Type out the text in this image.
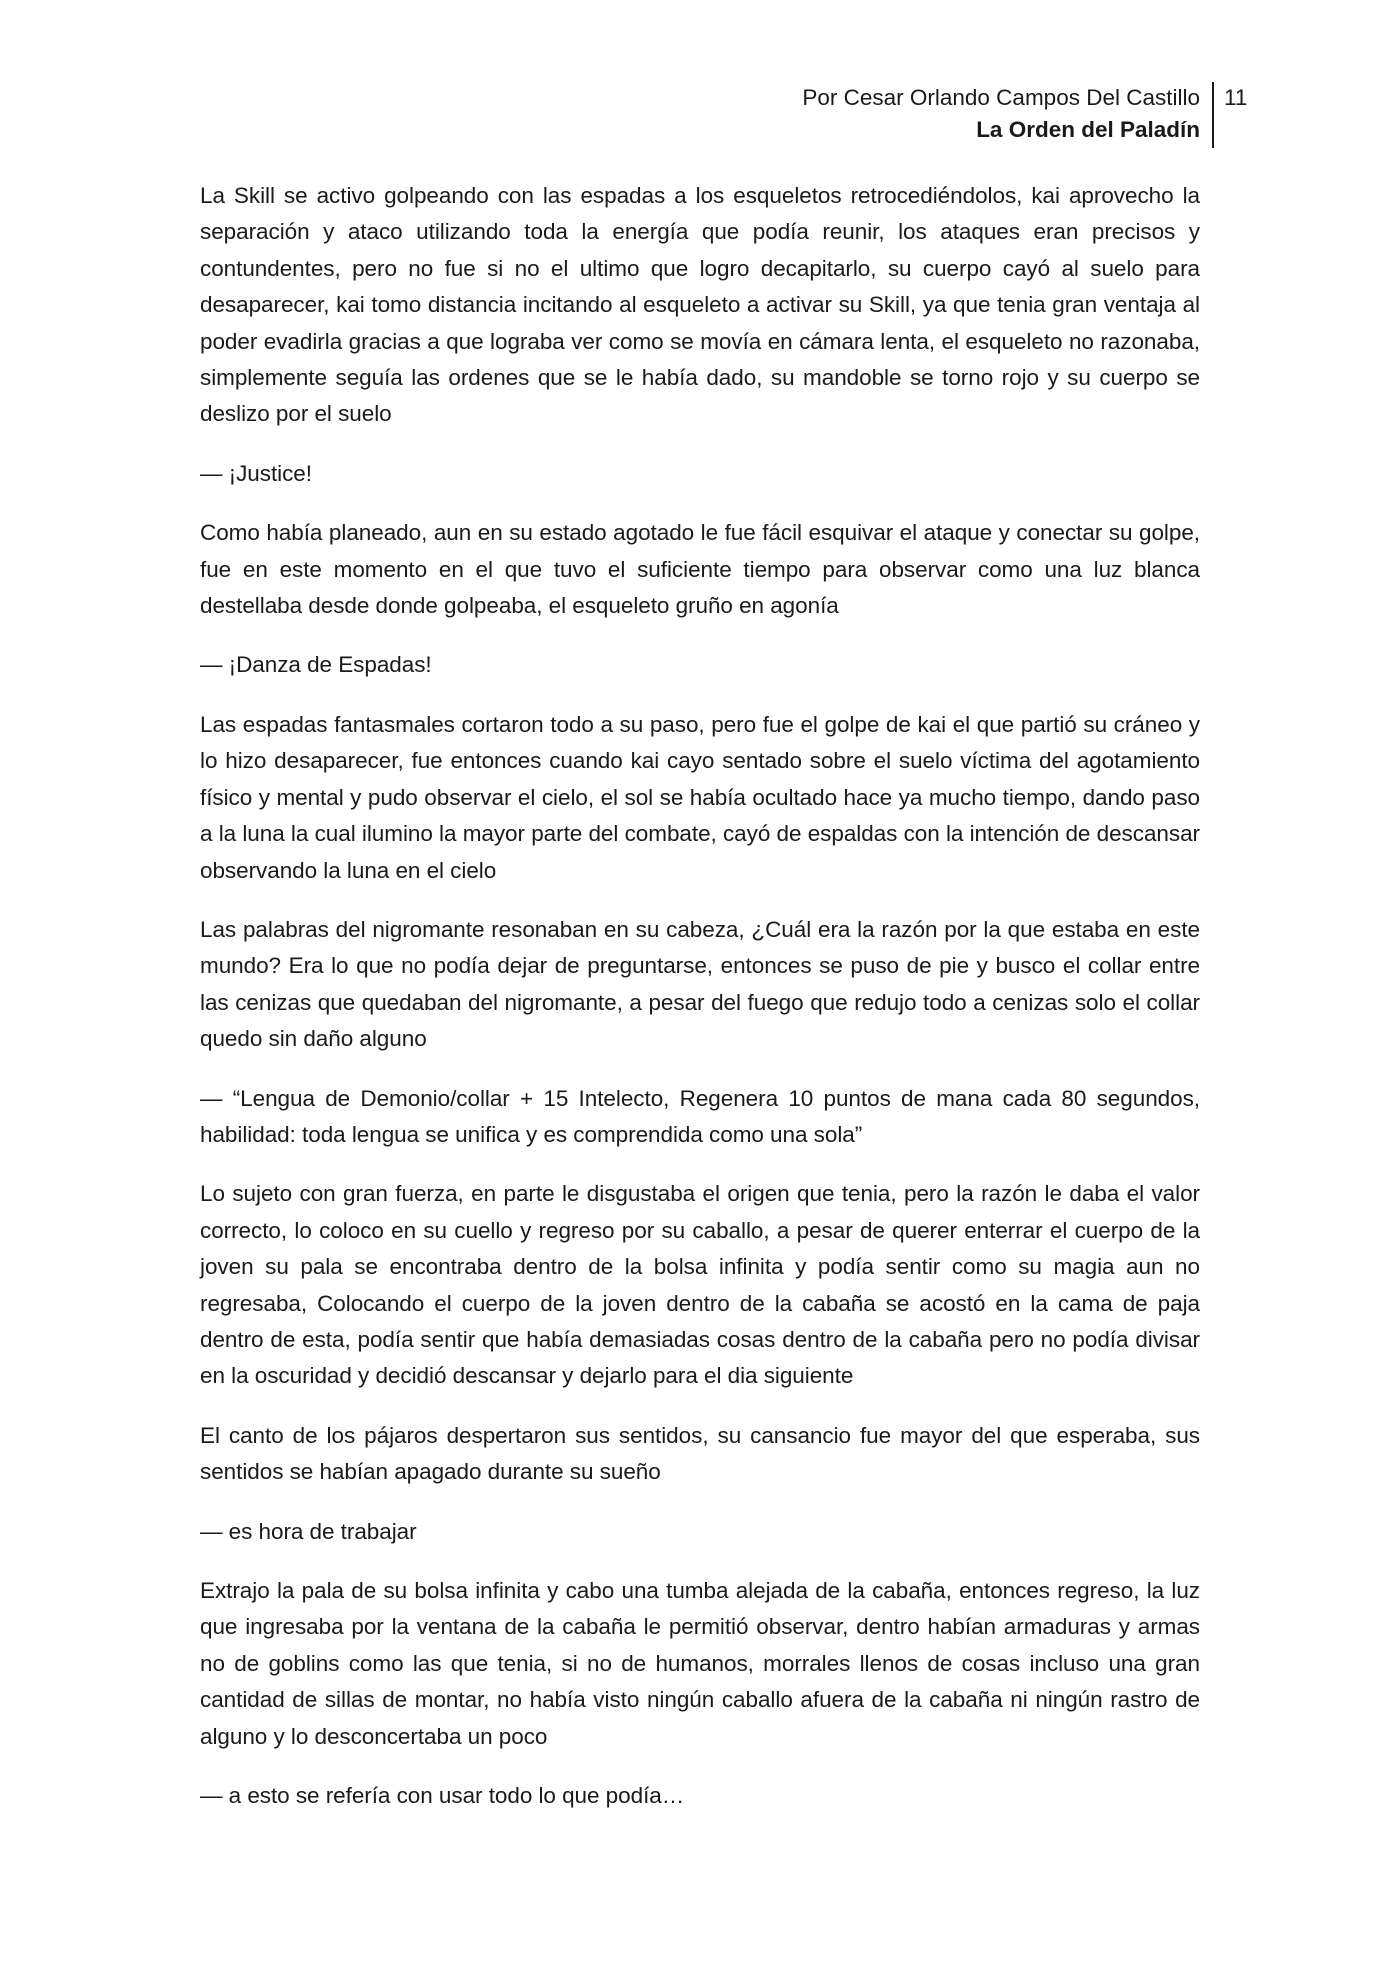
Por Cesar Orlando Campos Del Castillo
La Orden del Paladín
11

La Skill se activo golpeando con las espadas a los esqueletos retrocediéndolos, kai aprovecho la separación y ataco utilizando toda la energía que podía reunir, los ataques eran precisos y contundentes, pero no fue si no el ultimo que logro decapitarlo, su cuerpo cayó al suelo para desaparecer, kai tomo distancia incitando al esqueleto a activar su Skill, ya que tenia gran ventaja al poder evadirla gracias a que lograba ver como se movía en cámara lenta, el esqueleto no razonaba, simplemente seguía las ordenes que se le había dado, su mandoble se torno rojo y su cuerpo se deslizo por el suelo

— ¡Justice!

Como había planeado, aun en su estado agotado le fue fácil esquivar el ataque y conectar su golpe, fue en este momento en el que tuvo el suficiente tiempo para observar como una luz blanca destellaba desde donde golpeaba, el esqueleto gruño en agonía

— ¡Danza de Espadas!

Las espadas fantasmales cortaron todo a su paso, pero fue el golpe de kai el que partió su cráneo y lo hizo desaparecer, fue entonces cuando kai cayo sentado sobre el suelo víctima del agotamiento físico y mental y pudo observar el cielo, el sol se había ocultado hace ya mucho tiempo, dando paso a la luna la cual ilumino la mayor parte del combate, cayó de espaldas con la intención de descansar observando la luna en el cielo

Las palabras del nigromante resonaban en su cabeza, ¿Cuál era la razón por la que estaba en este mundo? Era lo que no podía dejar de preguntarse, entonces se puso de pie y busco el collar entre las cenizas que quedaban del nigromante, a pesar del fuego que redujo todo a cenizas solo el collar quedo sin daño alguno

— “Lengua de Demonio/collar + 15 Intelecto, Regenera 10 puntos de mana cada 80 segundos, habilidad: toda lengua se unifica y es comprendida como una sola”

Lo sujeto con gran fuerza, en parte le disgustaba el origen que tenia, pero la razón le daba el valor correcto, lo coloco en su cuello y regreso por su caballo, a pesar de querer enterrar el cuerpo de la joven su pala se encontraba dentro de la bolsa infinita y podía sentir como su magia aun no regresaba, Colocando el cuerpo de la joven dentro de la cabaña se acostó en la cama de paja dentro de esta, podía sentir que había demasiadas cosas dentro de la cabaña pero no podía divisar en la oscuridad y decidió descansar y dejarlo para el dia siguiente

El canto de los pájaros despertaron sus sentidos, su cansancio fue mayor del que esperaba, sus sentidos se habían apagado durante su sueño

— es hora de trabajar

Extrajo la pala de su bolsa infinita y cabo una tumba alejada de la cabaña, entonces regreso, la luz que ingresaba por la ventana de la cabaña le permitió observar, dentro habían armaduras y armas no de goblins como las que tenia, si no de humanos, morrales llenos de cosas incluso una gran cantidad de sillas de montar, no había visto ningún caballo afuera de la cabaña ni ningún rastro de alguno y lo desconcertaba un poco

— a esto se refería con usar todo lo que podía…
